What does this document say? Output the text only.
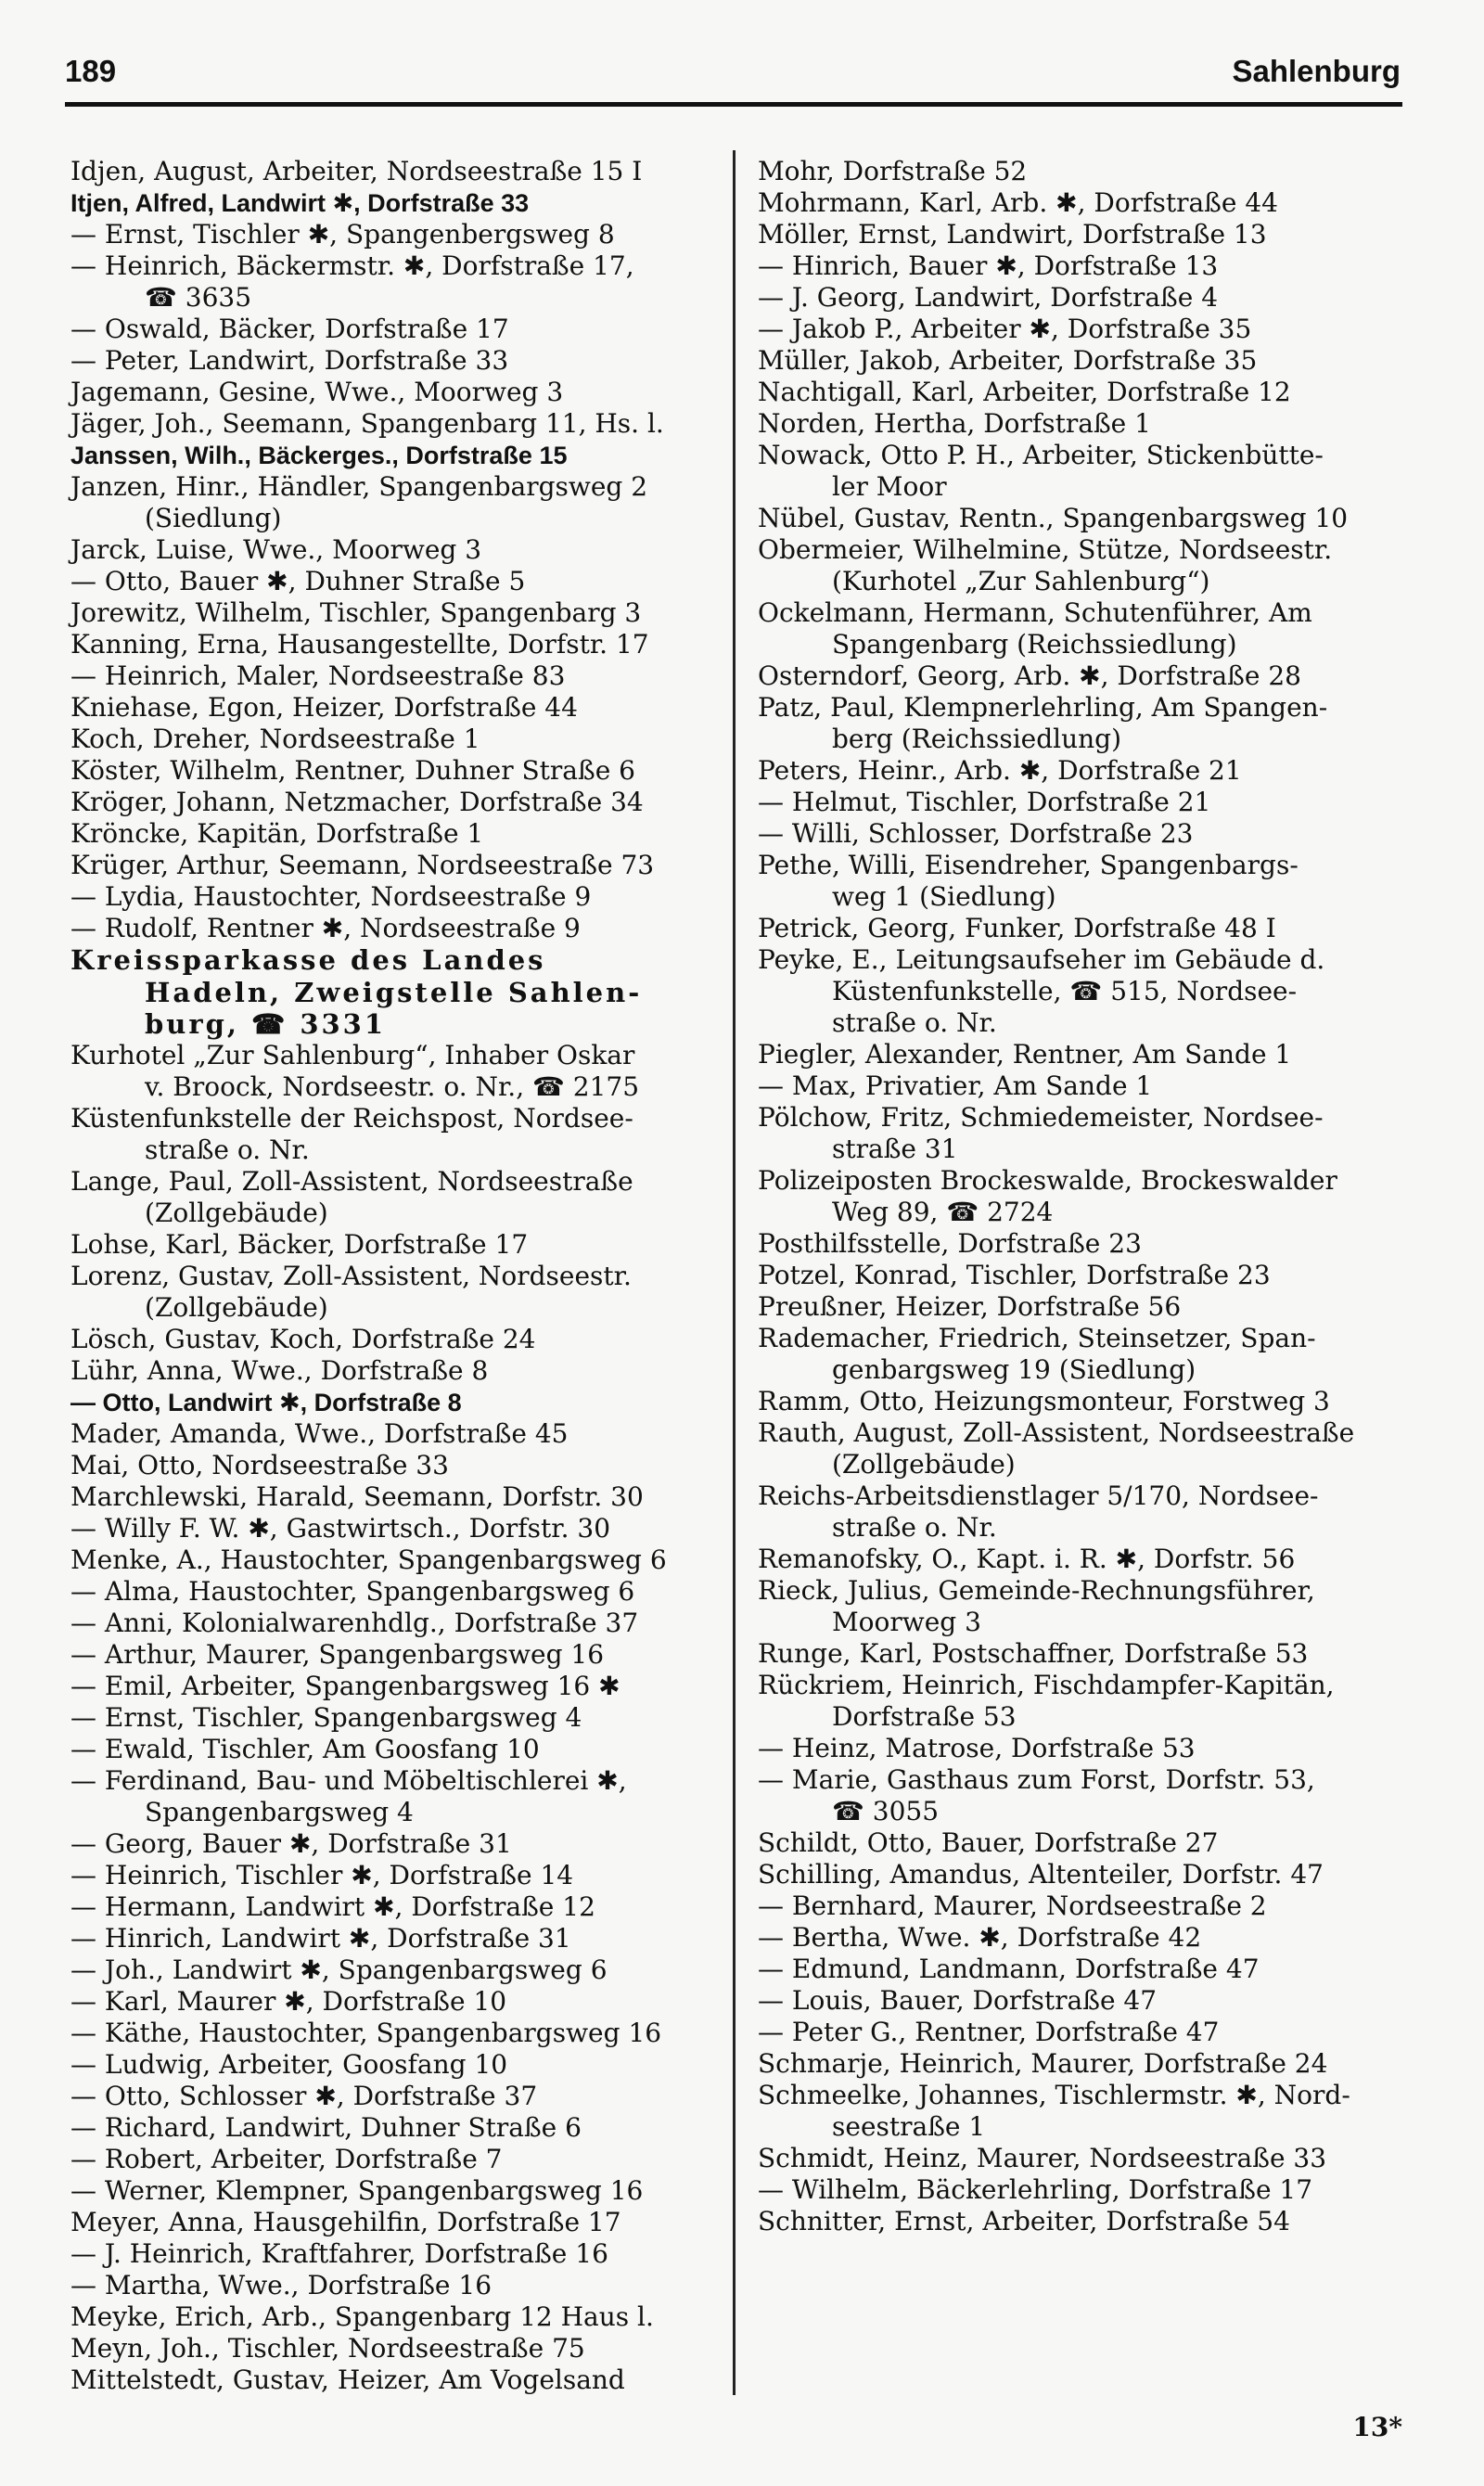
189	Sahlenburg
Idjen, August, Arbeiter, Nordseestraße 15 I
Itjen, Alfred, Landwirt ✱, Dorfstraße 33
— Ernst, Tischler ✱, Spangenbergsweg 8
— Heinrich, Bäckermstr. ✱, Dorfstraße 17,
☎ 3635
— Oswald, Bäcker, Dorfstraße 17
— Peter, Landwirt, Dorfstraße 33
Jagemann, Gesine, Wwe., Moorweg 3
Jäger, Joh., Seemann, Spangenbarg 11, Hs. l.
Janssen, Wilh., Bäckerges., Dorfstraße 15
Janzen, Hinr., Händler, Spangenbargsweg 2
(Siedlung)
Jarck, Luise, Wwe., Moorweg 3
— Otto, Bauer ✱, Duhner Straße 5
Jorewitz, Wilhelm, Tischler, Spangenbarg 3
Kanning, Erna, Hausangestellte, Dorfstr. 17
— Heinrich, Maler, Nordseestraße 83
Kniehase, Egon, Heizer, Dorfstraße 44
Koch, Dreher, Nordseestraße 1
Köster, Wilhelm, Rentner, Duhner Straße 6
Kröger, Johann, Netzmacher, Dorfstraße 34
Kröncke, Kapitän, Dorfstraße 1
Krüger, Arthur, Seemann, Nordseestraße 73
— Lydia, Haustochter, Nordseestraße 9
— Rudolf, Rentner ✱, Nordseestraße 9
Kreissparkasse des Landes
Hadeln, Zweigstelle Sahlen-
burg, ☎ 3331
Kurhotel „Zur Sahlenburg“, Inhaber Oskar
v. Broock, Nordseestr. o. Nr., ☎ 2175
Küstenfunkstelle der Reichspost, Nordsee-
straße o. Nr.
Lange, Paul, Zoll-Assistent, Nordseestraße
(Zollgebäude)
Lohse, Karl, Bäcker, Dorfstraße 17
Lorenz, Gustav, Zoll-Assistent, Nordseestr.
(Zollgebäude)
Lösch, Gustav, Koch, Dorfstraße 24
Lühr, Anna, Wwe., Dorfstraße 8
— Otto, Landwirt ✱, Dorfstraße 8
Mader, Amanda, Wwe., Dorfstraße 45
Mai, Otto, Nordseestraße 33
Marchlewski, Harald, Seemann, Dorfstr. 30
— Willy F. W. ✱, Gastwirtsch., Dorfstr. 30
Menke, A., Haustochter, Spangenbargsweg 6
— Alma, Haustochter, Spangenbargsweg 6
— Anni, Kolonialwarenhdlg., Dorfstraße 37
— Arthur, Maurer, Spangenbargsweg 16
— Emil, Arbeiter, Spangenbargsweg 16 ✱
— Ernst, Tischler, Spangenbargsweg 4
— Ewald, Tischler, Am Goosfang 10
— Ferdinand, Bau- und Möbeltischlerei ✱,
Spangenbargsweg 4
— Georg, Bauer ✱, Dorfstraße 31
— Heinrich, Tischler ✱, Dorfstraße 14
— Hermann, Landwirt ✱, Dorfstraße 12
— Hinrich, Landwirt ✱, Dorfstraße 31
— Joh., Landwirt ✱, Spangenbargsweg 6
— Karl, Maurer ✱, Dorfstraße 10
— Käthe, Haustochter, Spangenbargsweg 16
— Ludwig, Arbeiter, Goosfang 10
— Otto, Schlosser ✱, Dorfstraße 37
— Richard, Landwirt, Duhner Straße 6
— Robert, Arbeiter, Dorfstraße 7
— Werner, Klempner, Spangenbargsweg 16
Meyer, Anna, Hausgehilfin, Dorfstraße 17
— J. Heinrich, Kraftfahrer, Dorfstraße 16
— Martha, Wwe., Dorfstraße 16
Meyke, Erich, Arb., Spangenbarg 12 Haus l.
Meyn, Joh., Tischler, Nordseestraße 75
Mittelstedt, Gustav, Heizer, Am Vogelsand
Mohr, Dorfstraße 52
Mohrmann, Karl, Arb. ✱, Dorfstraße 44
Möller, Ernst, Landwirt, Dorfstraße 13
— Hinrich, Bauer ✱, Dorfstraße 13
— J. Georg, Landwirt, Dorfstraße 4
— Jakob P., Arbeiter ✱, Dorfstraße 35
Müller, Jakob, Arbeiter, Dorfstraße 35
Nachtigall, Karl, Arbeiter, Dorfstraße 12
Norden, Hertha, Dorfstraße 1
Nowack, Otto P. H., Arbeiter, Stickenbütte-
ler Moor
Nübel, Gustav, Rentn., Spangenbargsweg 10
Obermeier, Wilhelmine, Stütze, Nordseestr.
(Kurhotel „Zur Sahlenburg“)
Ockelmann, Hermann, Schutenführer, Am
Spangenbarg (Reichssiedlung)
Osterndorf, Georg, Arb. ✱, Dorfstraße 28
Patz, Paul, Klempnerlehrling, Am Spangen-
berg (Reichssiedlung)
Peters, Heinr., Arb. ✱, Dorfstraße 21
— Helmut, Tischler, Dorfstraße 21
— Willi, Schlosser, Dorfstraße 23
Pethe, Willi, Eisendreher, Spangenbargs-
weg 1 (Siedlung)
Petrick, Georg, Funker, Dorfstraße 48 I
Peyke, E., Leitungsaufseher im Gebäude d.
Küstenfunkstelle, ☎ 515, Nordsee-
straße o. Nr.
Piegler, Alexander, Rentner, Am Sande 1
— Max, Privatier, Am Sande 1
Pölchow, Fritz, Schmiedemeister, Nordsee-
straße 31
Polizeiposten Brockeswalde, Brockeswalder
Weg 89, ☎ 2724
Posthilfsstelle, Dorfstraße 23
Potzel, Konrad, Tischler, Dorfstraße 23
Preußner, Heizer, Dorfstraße 56
Rademacher, Friedrich, Steinsetzer, Span-
genbargsweg 19 (Siedlung)
Ramm, Otto, Heizungsmonteur, Forstweg 3
Rauth, August, Zoll-Assistent, Nordseestraße
(Zollgebäude)
Reichs-Arbeitsdienstlager 5/170, Nordsee-
straße o. Nr.
Remanofsky, O., Kapt. i. R. ✱, Dorfstr. 56
Rieck, Julius, Gemeinde-Rechnungsführer,
Moorweg 3
Runge, Karl, Postschaffner, Dorfstraße 53
Rückriem, Heinrich, Fischdampfer-Kapitän,
Dorfstraße 53
— Heinz, Matrose, Dorfstraße 53
— Marie, Gasthaus zum Forst, Dorfstr. 53,
☎ 3055
Schildt, Otto, Bauer, Dorfstraße 27
Schilling, Amandus, Altenteiler, Dorfstr. 47
— Bernhard, Maurer, Nordseestraße 2
— Bertha, Wwe. ✱, Dorfstraße 42
— Edmund, Landmann, Dorfstraße 47
— Louis, Bauer, Dorfstraße 47
— Peter G., Rentner, Dorfstraße 47
Schmarje, Heinrich, Maurer, Dorfstraße 24
Schmeelke, Johannes, Tischlermstr. ✱, Nord-
seestraße 1
Schmidt, Heinz, Maurer, Nordseestraße 33
— Wilhelm, Bäckerlehrling, Dorfstraße 17
Schnitter, Ernst, Arbeiter, Dorfstraße 54
13*
